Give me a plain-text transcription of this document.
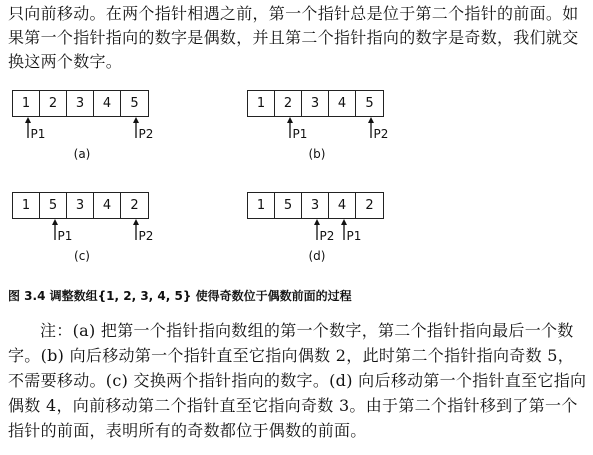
只向前移动。在两个指针相遇之前，第一个指针总是位于第二个指针的前面。如果第一个指针指向的数字是偶数，并且第二个指针指向的数字是奇数，我们就交换这两个数字。
1	2	3	4	5
P1	P2
(a)
1	2	3	4	5
P1	P2
(b)
1	5	3	4	2
P1	P2
(c)
1	5	3	4	2
P2 P1
(d)
图 3.4 调整数组{1, 2, 3, 4, 5} 使得奇数位于偶数前面的过程
注：(a) 把第一个指针指向数组的第一个数字，第二个指针指向最后一个数字。(b) 向后移动第一个指针直至它指向偶数 2，此时第二个指针指向奇数 5，不需要移动。(c) 交换两个指针指向的数字。(d) 向后移动第一个指针直至它指向偶数 4，向前移动第二个指针直至它指向奇数 3。由于第二个指针移到了第一个指针的前面，表明所有的奇数都位于偶数的前面。
